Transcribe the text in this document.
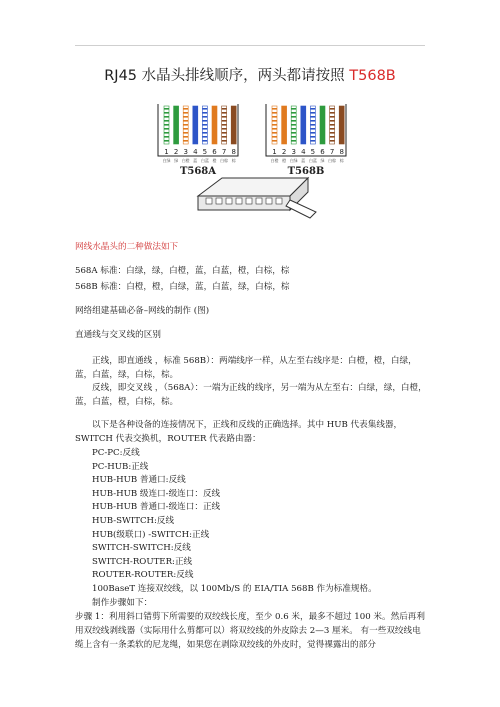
RJ45 水晶头排线顺序，两头都请按照 T568B
1
白绿
2
绿
3
白橙
4
蓝
5
白蓝
6
橙
7
白棕
8
棕
T568A
1
白橙
2
橙
3
白绿
4
蓝
5
白蓝
6
绿
7
白棕
8
棕
T568B
网线水晶头的二种做法如下
568A 标准：白绿，绿，白橙，蓝，白蓝，橙，白棕，棕
568B 标准：白橙，橙，白绿，蓝，白蓝，绿，白棕，棕
网络组建基础必备–网线的制作 (图)
直通线与交叉线的区别
正线，即直通线 ，标准 568B）：两端线序一样，从左至右线序是：白橙，橙，白绿，蓝，白蓝，绿，白棕，棕。
反线，即交叉线 ，（568A）：一端为正线的线序，另一端为从左至右：白绿，绿，白橙，蓝，白蓝，橙，白棕，棕。
以下是各种设备的连接情况下，正线和反线的正确选择。其中 HUB 代表集线器，SWITCH 代表交换机，ROUTER 代表路由器：
PC-PC:反线
PC-HUB:正线
HUB-HUB 普通口:反线
HUB-HUB 级连口-级连口：反线
HUB-HUB 普通口-级连口：正线
HUB-SWITCH:反线
HUB(级联口) -SWITCH:正线
SWITCH-SWITCH:反线
SWITCH-ROUTER:正线
ROUTER-ROUTER:反线
100BaseT 连接双绞线，以 100Mb/S 的 EIA/TIA 568B 作为标准规格。
制作步骤如下：
步骤 1：利用斜口错剪下所需要的双绞线长度，至少 0.6 米，最多不超过 100 米。然后再利用双绞线剥线器（实际用什么剪都可以）将双绞线的外皮除去 2—3 厘米。 有一些双绞线电缆上含有一条柔软的尼龙绳，如果您在剥除双绞线的外皮时，觉得裸露出的部分
